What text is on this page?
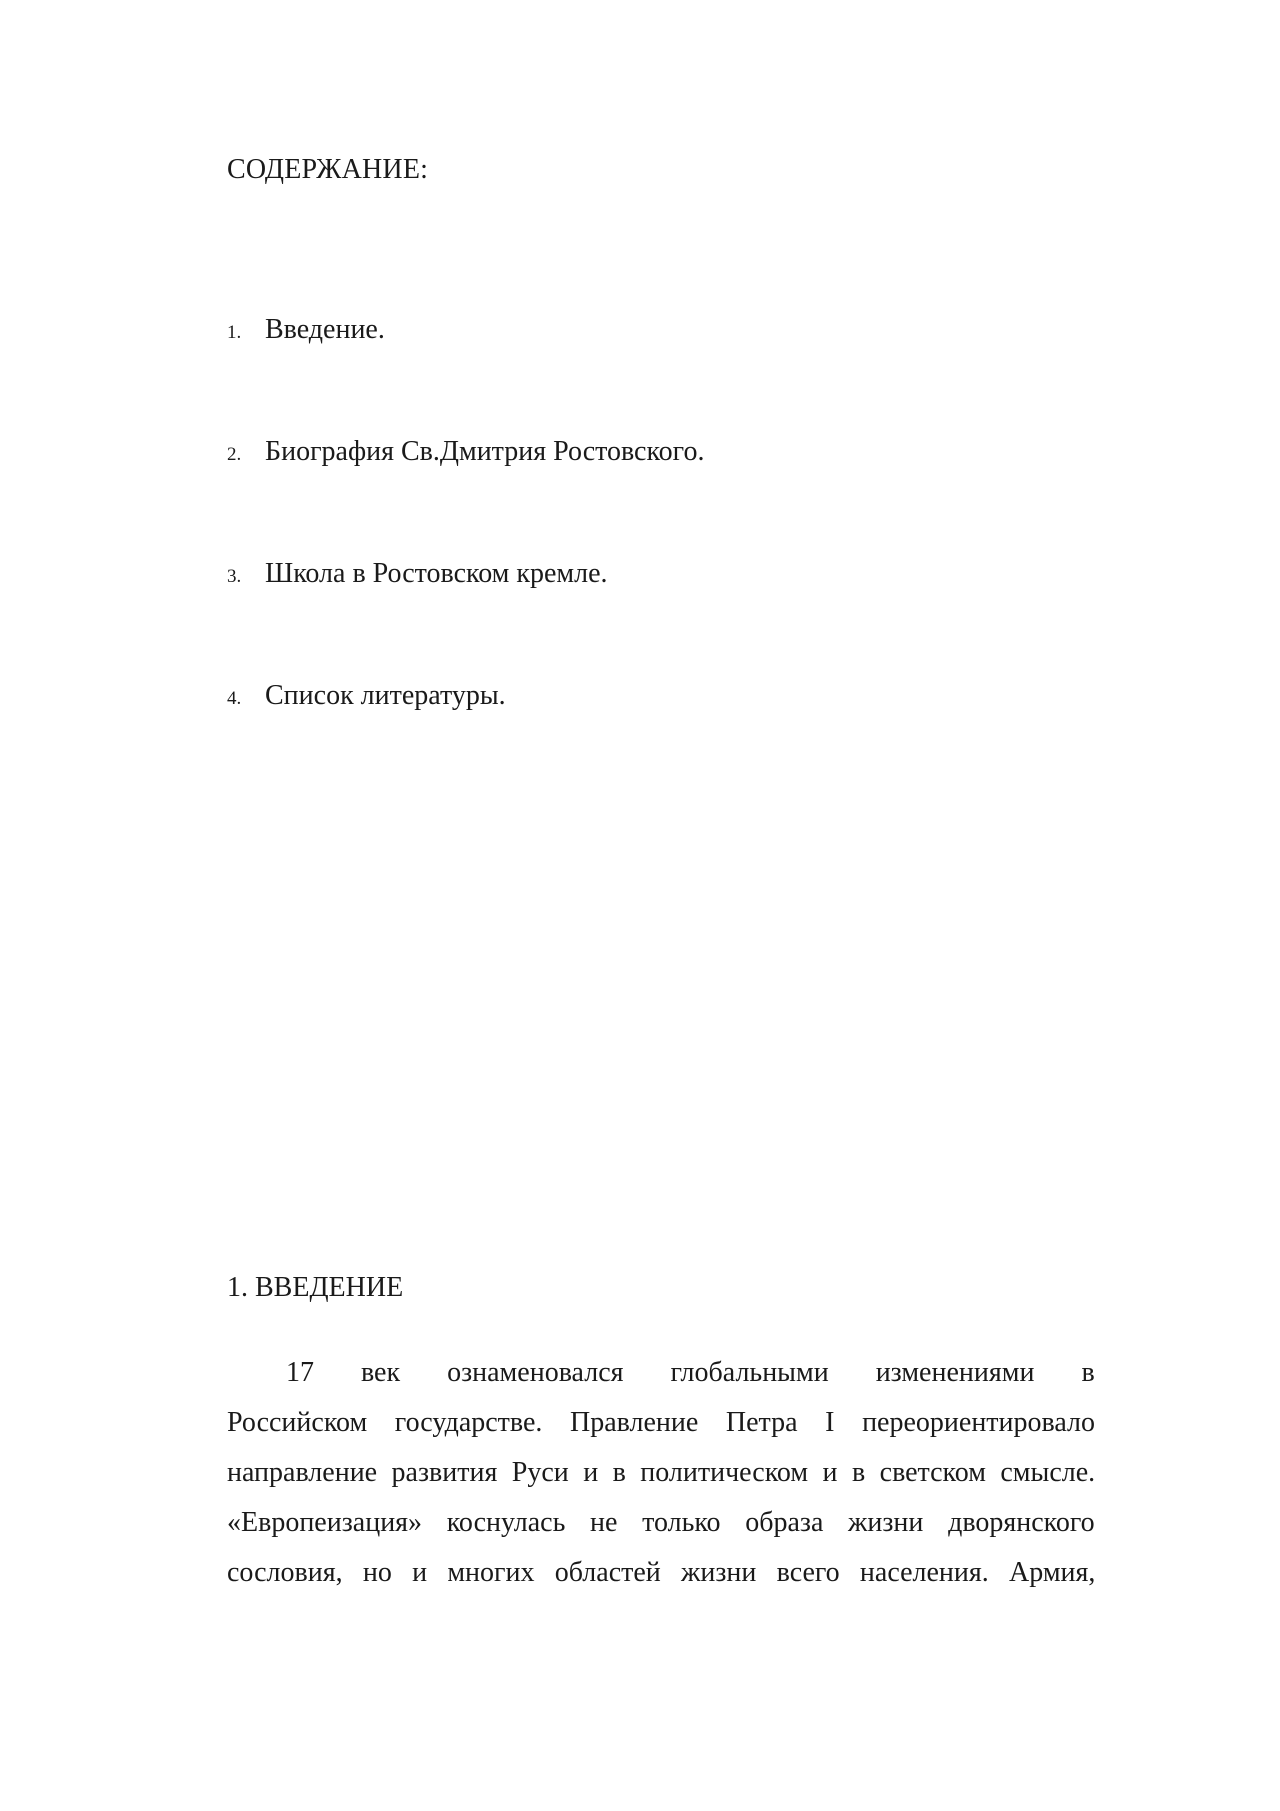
СОДЕРЖАНИЕ:
1. Введение.
2. Биография Св.Дмитрия Ростовского.
3. Школа в Ростовском кремле.
4. Список литературы.
1. ВВЕДЕНИЕ
17 век ознаменовался глобальными изменениями в
Российском государстве. Правление Петра I переориентировало
направление развития Руси и в политическом и в светском смысле.
«Европеизация» коснулась не только образа жизни дворянского
сословия, но и многих областей жизни всего населения. Армия,
